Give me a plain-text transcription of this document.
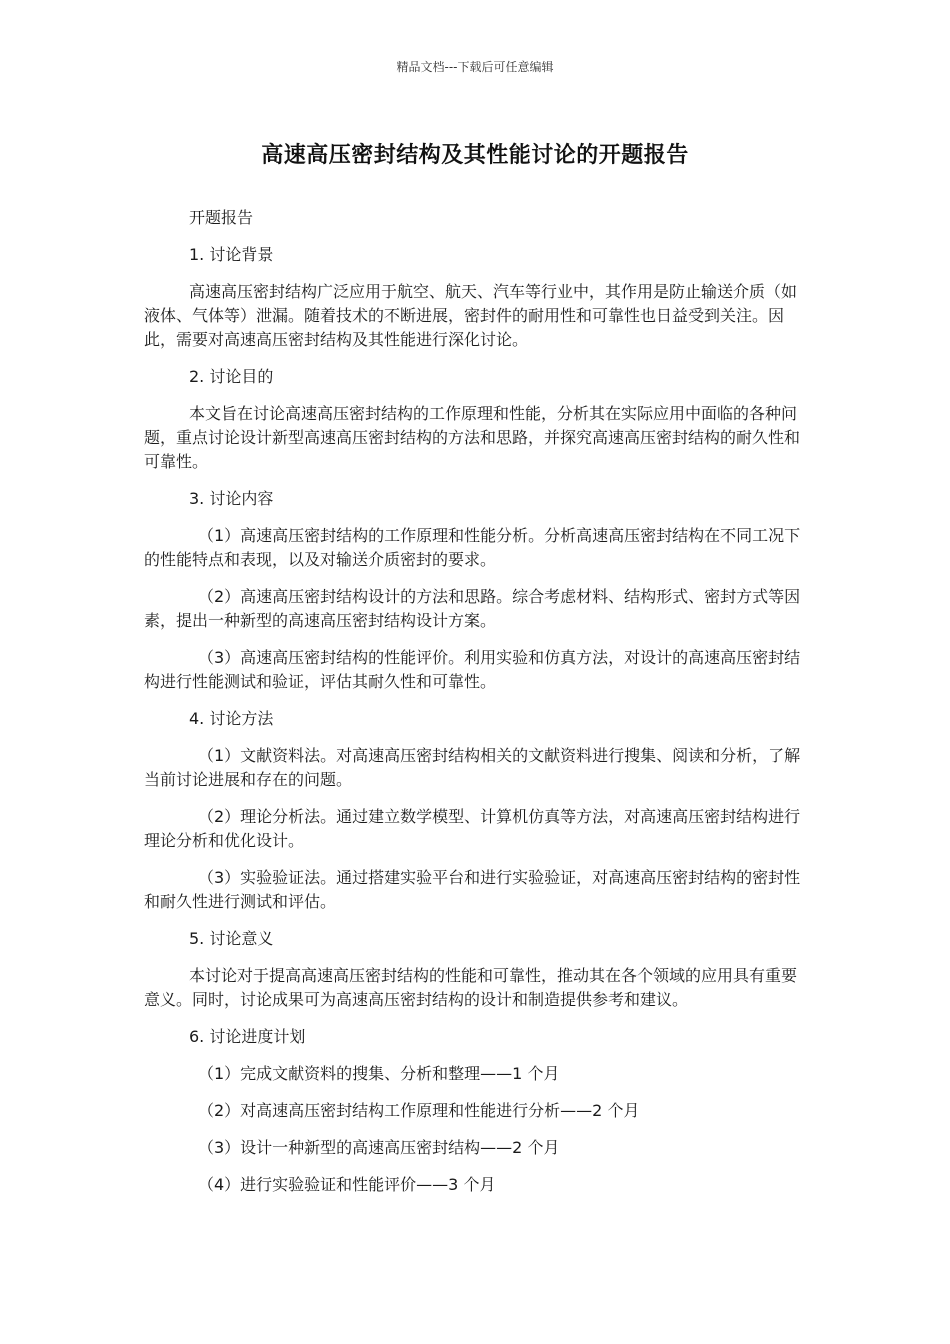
精品文档---下载后可任意编辑
高速高压密封结构及其性能讨论的开题报告

开题报告

1. 讨论背景

高速高压密封结构广泛应用于航空、航天、汽车等行业中，其作用是防止输送介质（如液体、气体等）泄漏。随着技术的不断进展，密封件的耐用性和可靠性也日益受到关注。因此，需要对高速高压密封结构及其性能进行深化讨论。

2. 讨论目的

本文旨在讨论高速高压密封结构的工作原理和性能，分析其在实际应用中面临的各种问题，重点讨论设计新型高速高压密封结构的方法和思路，并探究高速高压密封结构的耐久性和可靠性。

3. 讨论内容

（1）高速高压密封结构的工作原理和性能分析。分析高速高压密封结构在不同工况下的性能特点和表现，以及对输送介质密封的要求。

（2）高速高压密封结构设计的方法和思路。综合考虑材料、结构形式、密封方式等因素，提出一种新型的高速高压密封结构设计方案。

（3）高速高压密封结构的性能评价。利用实验和仿真方法，对设计的高速高压密封结构进行性能测试和验证，评估其耐久性和可靠性。

4. 讨论方法

（1）文献资料法。对高速高压密封结构相关的文献资料进行搜集、阅读和分析，了解当前讨论进展和存在的问题。

（2）理论分析法。通过建立数学模型、计算机仿真等方法，对高速高压密封结构进行理论分析和优化设计。

（3）实验验证法。通过搭建实验平台和进行实验验证，对高速高压密封结构的密封性和耐久性进行测试和评估。

5. 讨论意义

本讨论对于提高高速高压密封结构的性能和可靠性，推动其在各个领域的应用具有重要意义。同时，讨论成果可为高速高压密封结构的设计和制造提供参考和建议。

6. 讨论进度计划

（1）完成文献资料的搜集、分析和整理——1 个月

（2）对高速高压密封结构工作原理和性能进行分析——2 个月

（3）设计一种新型的高速高压密封结构——2 个月

（4）进行实验验证和性能评价——3 个月
